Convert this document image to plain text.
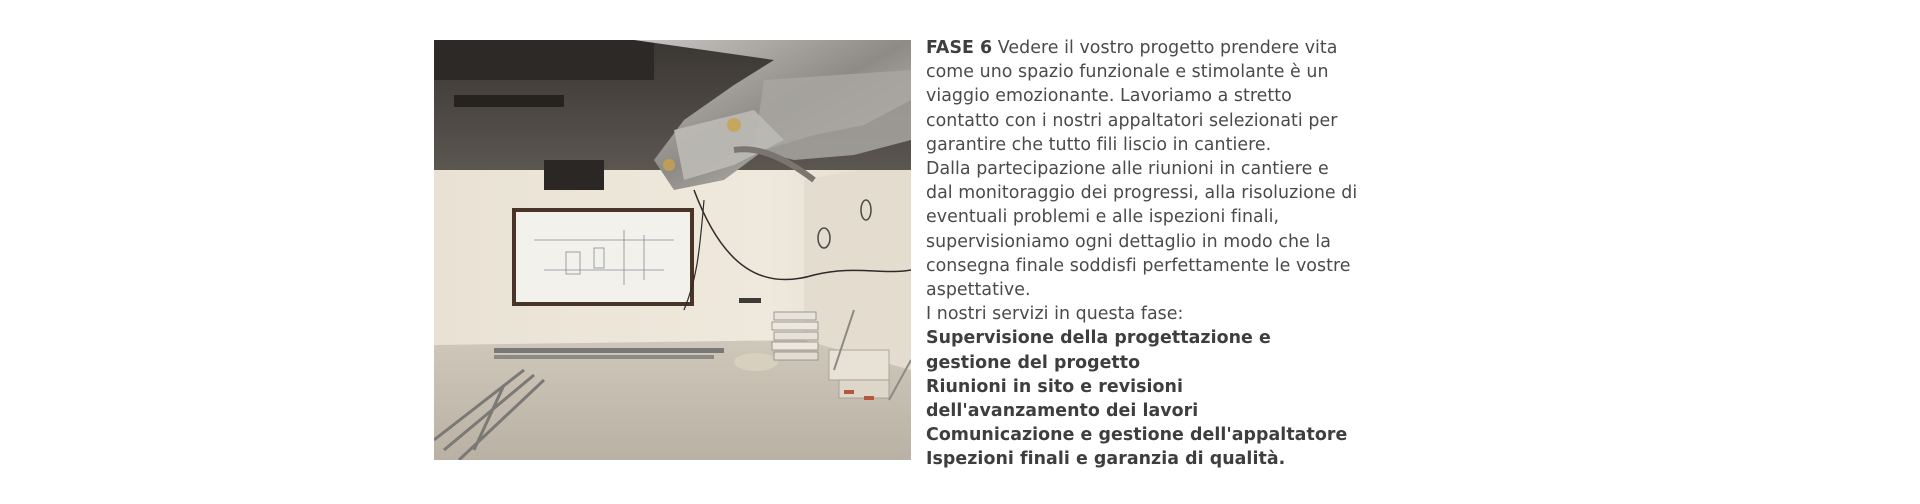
FASE 6 Vedere il vostro progetto prendere vita come uno spazio funzionale e stimolante è un viaggio emozionante. Lavoriamo a stretto contatto con i nostri appaltatori selezionati per garantire che tutto fili liscio in cantiere.

Dalla partecipazione alle riunioni in cantiere e dal monitoraggio dei progressi, alla risoluzione di eventuali problemi e alle ispezioni finali, supervisioniamo ogni dettaglio in modo che la consegna finale soddisfi perfettamente le vostre aspettative.

I nostri servizi in questa fase:

Supervisione della progettazione e gestione del progetto

Riunioni in sito e revisioni dell'avanzamento dei lavori

Comunicazione e gestione dell'appaltatore

Ispezioni finali e garanzia di qualità.
